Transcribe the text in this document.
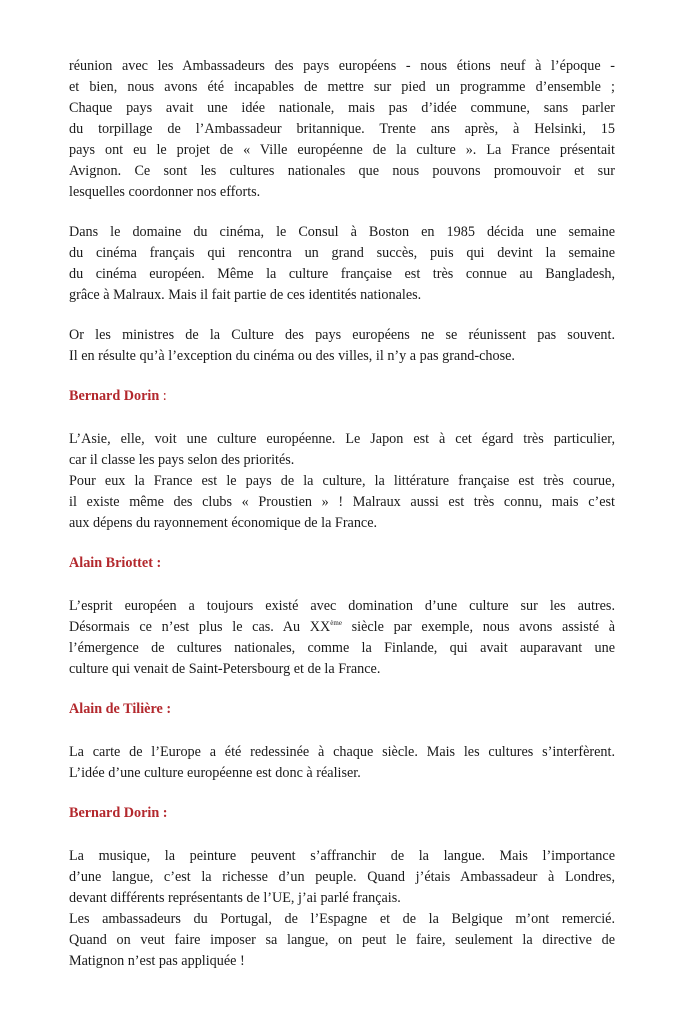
réunion avec les Ambassadeurs des pays européens - nous étions neuf à l’époque -
et bien, nous avons été incapables de mettre sur pied un programme d’ensemble ;
Chaque pays avait une idée nationale, mais pas d’idée commune, sans parler
du torpillage de l’Ambassadeur britannique. Trente ans après, à Helsinki, 15
pays ont eu le projet de « Ville européenne de la culture ». La France présentait
Avignon. Ce sont les cultures nationales que nous pouvons promouvoir et sur
lesquelles coordonner nos efforts.
Dans le domaine du cinéma, le Consul à Boston en 1985 décida une semaine
du cinéma français qui rencontra un grand succès, puis qui devint la semaine
du cinéma européen. Même la culture française est très connue au Bangladesh,
grâce à Malraux. Mais il fait partie de ces identités nationales.
Or les ministres de la Culture des pays européens ne se réunissent pas souvent.
Il en résulte qu’à l’exception du cinéma ou des villes, il n’y a pas grand-chose.
Bernard Dorin :
L’Asie, elle, voit une culture européenne. Le Japon est à cet égard très particulier,
car il classe les pays selon des priorités.
Pour eux la France est le pays de la culture, la littérature française est très courue,
il existe même des clubs « Proustien » ! Malraux aussi est très connu, mais c’est
aux dépens du rayonnement économique de la France.
Alain Briottet :
L’esprit européen a toujours existé avec domination d’une culture sur les autres.
Désormais ce n’est plus le cas. Au XXème siècle par exemple, nous avons assisté à
l’émergence de cultures nationales, comme la Finlande, qui avait auparavant une
culture qui venait de Saint-Petersbourg et de la France.
Alain de Tilière :
La carte de l’Europe a été redessinée à chaque siècle. Mais les cultures s’interfèrent.
L’idée d’une culture européenne est donc à réaliser.
Bernard Dorin :
La musique, la peinture peuvent s’affranchir de la langue. Mais l’importance
d’une langue, c’est la richesse d’un peuple. Quand j’étais Ambassadeur à Londres,
devant différents représentants de l’UE, j’ai parlé français.
Les ambassadeurs du Portugal, de l’Espagne et de la Belgique m’ont remercié.
Quand on veut faire imposer sa langue, on peut le faire, seulement la directive de
Matignon n’est pas appliquée !
